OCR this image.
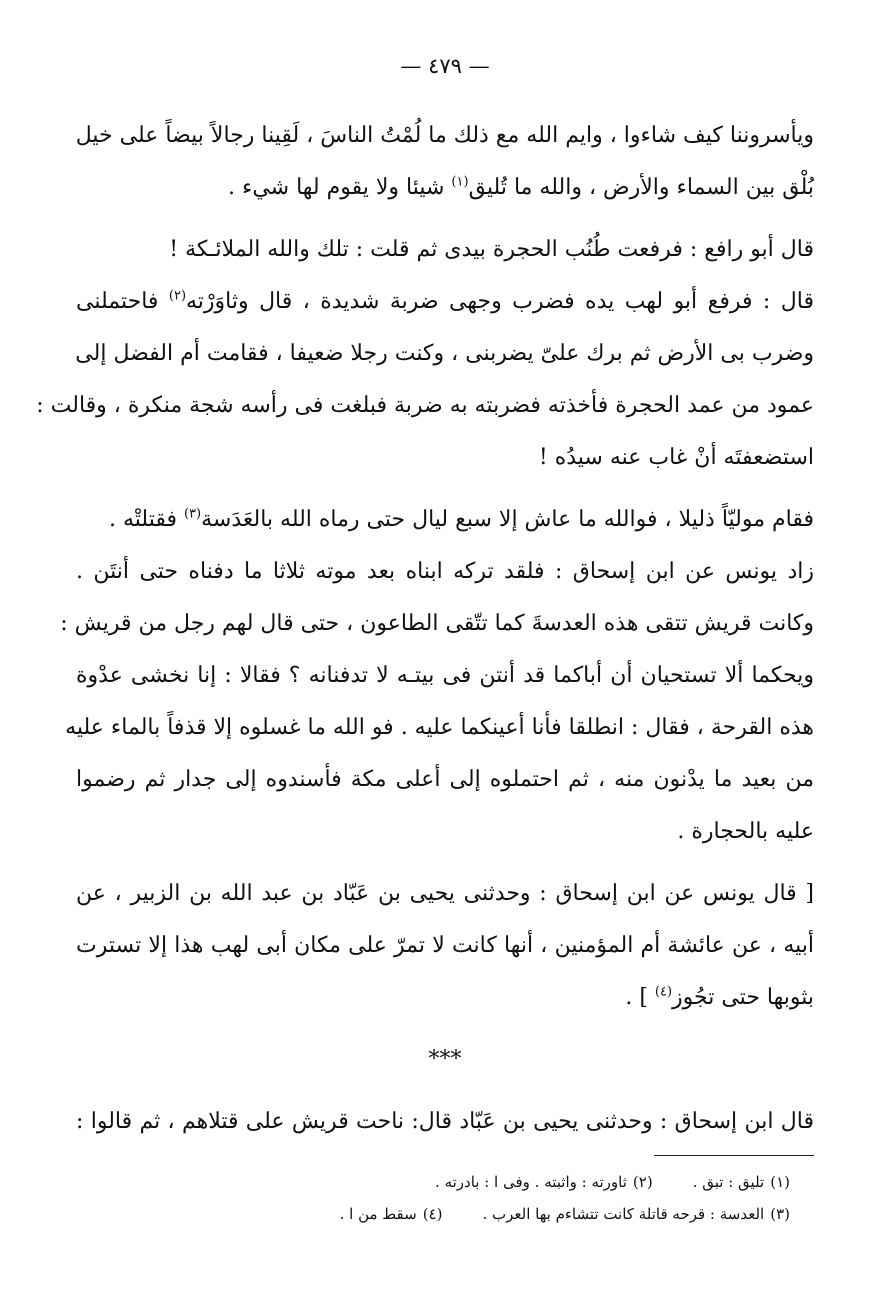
— ٤٧٩ —
ويأسروننا كيف شاءوا ، وايم الله مع ذلك ما لُمْتُ الناسَ ، لَقِينا رجالاً بيضاً على خيل
بُلْق بين السماء والأرض ، والله ما تُليق$^{(١)}$ شيئا ولا يقوم لها شيء .
قال أبو رافع : فرفعت طُنُب الحجرة بيدى ثم قلت : تلك والله الملائـكة !
قال : فرفع أبو لهب يده فضرب وجهى ضربة شديدة ، قال وثاوَرْته$^{(٢)}$ فاحتملنى
وضرب بى الأرض ثم برك علىّ يضربنى ، وكنت رجلا ضعيفا ، فقامت أم الفضل إلى
عمود من عمد الحجرة فأخذته فضربته به ضربة فبلغت فى رأسه شجة منكرة ، وقالت :
استضعفتَه أنْ غاب عنه سيدُه !
فقام موليّاً ذليلا ، فوالله ما عاش إلا سبع ليال حتى رماه الله بالعَدَسة$^{(٣)}$ فقتلتْه .
زاد يونس عن ابن إسحاق : فلقد تركه ابناه بعد موته ثلاثا ما دفناه حتى أنتَن .
وكانت قريش تتقى هذه العدسةَ كما تتّقى الطاعون ، حتى قال لهم رجل من قريش :
ويحكما ألا تستحيان أن أباكما قد أنتن فى بيتـه لا تدفنانه ؟ فقالا : إنا نخشى عدْوة
هذه القرحة ، فقال : انطلقا فأنا أعينكما عليه . فو الله ما غسلوه إلا قذفاً بالماء عليه
من بعيد ما يدْنون منه ، ثم احتملوه إلى أعلى مكة فأسندوه إلى جدار ثم رضموا
عليه بالحجارة .
[ قال يونس عن ابن إسحاق : وحدثنى يحيى بن عَبّاد بن عبد الله بن الزبير ، عن
أبيه ، عن عائشة أم المؤمنين ، أنها كانت لا تمرّ على مكان أبى لهب هذا إلا تسترت
بثوبها حتى تجُوز$^{(٤)}$ ] .
***
قال ابن إسحاق : وحدثنى يحيى بن عَبّاد قال: ناحت قريش على قتلاهم ، ثم قالوا :
(١)تليق : تبق .(٢)ثاورته : واثبته . وفى ا : بادرته .
(٣)العدسة : قرحه قاتلة كانت تتشاءم بها العرب .(٤)سقط من ا .
